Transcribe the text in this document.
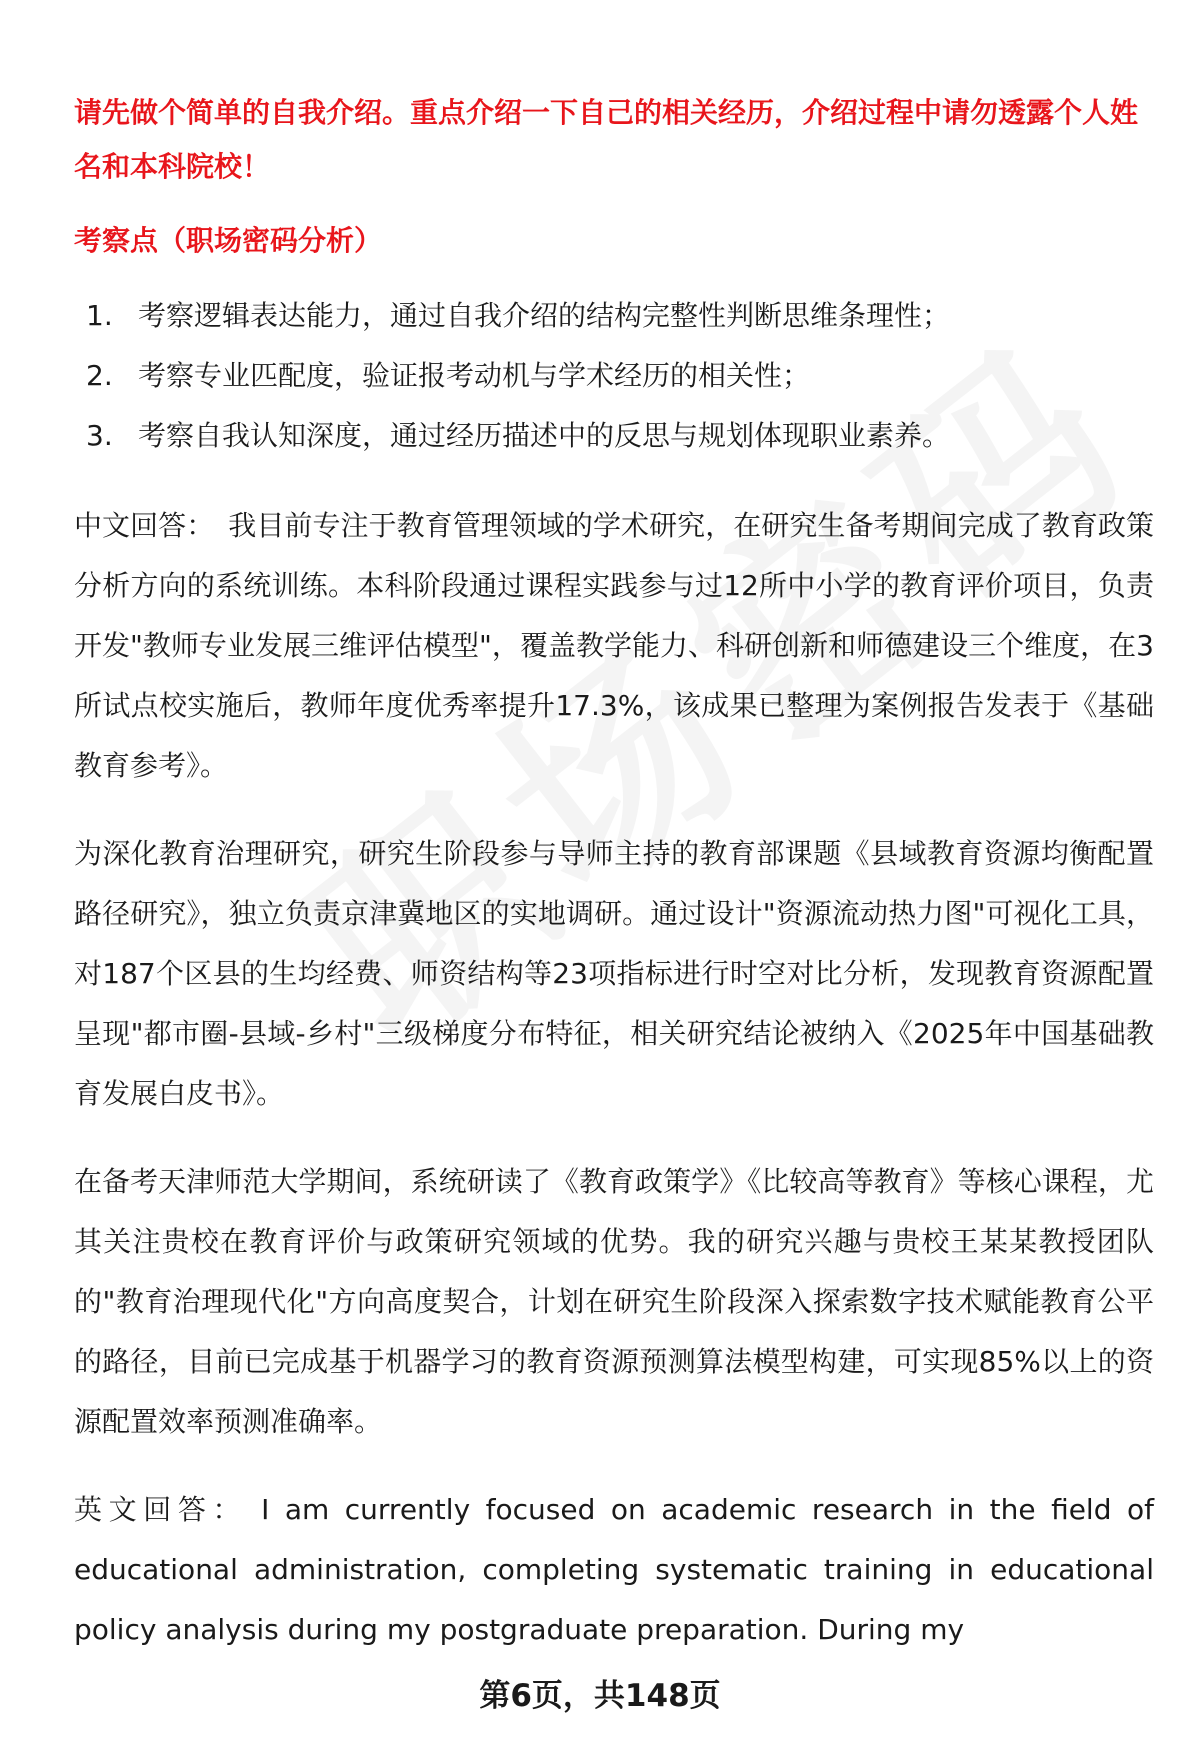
请先做个简单的自我介绍。重点介绍一下自己的相关经历，介绍过程中请勿透露个人姓名和本科院校！

考察点（职场密码分析）

1. 考察逻辑表达能力，通过自我介绍的结构完整性判断思维条理性；
2. 考察专业匹配度，验证报考动机与学术经历的相关性；
3. 考察自我认知深度，通过经历描述中的反思与规划体现职业素养。

中文回答： 我目前专注于教育管理领域的学术研究，在研究生备考期间完成了教育政策分析方向的系统训练。本科阶段通过课程实践参与过12所中小学的教育评价项目，负责开发"教师专业发展三维评估模型"，覆盖教学能力、科研创新和师德建设三个维度，在3所试点校实施后，教师年度优秀率提升17.3%，该成果已整理为案例报告发表于《基础教育参考》。

为深化教育治理研究，研究生阶段参与导师主持的教育部课题《县域教育资源均衡配置路径研究》，独立负责京津冀地区的实地调研。通过设计"资源流动热力图"可视化工具，对187个区县的生均经费、师资结构等23项指标进行时空对比分析，发现教育资源配置呈现"都市圈-县域-乡村"三级梯度分布特征，相关研究结论被纳入《2025年中国基础教育发展白皮书》。

在备考天津师范大学期间，系统研读了《教育政策学》《比较高等教育》等核心课程，尤其关注贵校在教育评价与政策研究领域的优势。我的研究兴趣与贵校王某某教授团队的"教育治理现代化"方向高度契合，计划在研究生阶段深入探索数字技术赋能教育公平的路径，目前已完成基于机器学习的教育资源预测算法模型构建，可实现85%以上的资源配置效率预测准确率。

英文回答： I am currently focused on academic research in the field of educational administration, completing systematic training in educational policy analysis during my postgraduate preparation. During my

第6页，共148页
